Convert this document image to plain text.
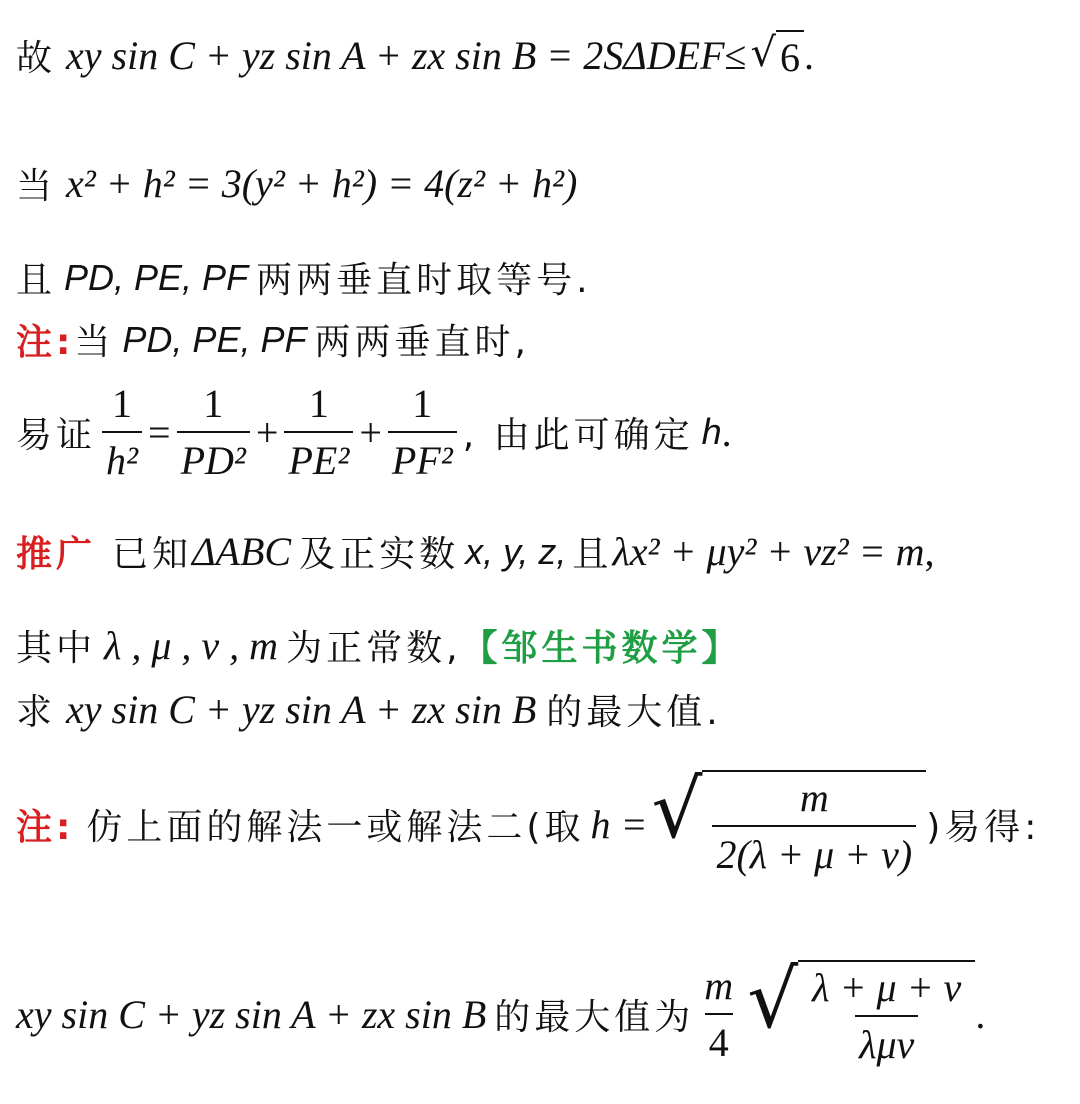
故 xy sin C + yz sin A + zx sin B = 2S ΔDEF ≤ √ 6 .
当 x² + h² = 3(y² + h²) = 4(z² + h²)
且 PD, PE, PF 两两垂直时取等号.
注: 当 PD, PE, PF 两两垂直时,
易证 $\frac{1}{\text{h²}} = \frac{1}{\text{PD²}} + \frac{1}{\text{PE²}} + \frac{1}{\text{PF²}}$ , 由此可确定 h .
推广 已知 ΔABC 及正实数 x, y, z, 且 λx² + μy² + νz² = m ,
其中 λ , μ , ν , m 为正常数, 【邹生书数学】
求 xy sin C + yz sin A + zx sin B 的最大值.
注: 仿上面的解法一或解法二(取 h = √ $\frac{m}{2(\lambda + \mu + \nu)}$ )易得:
xy sin C + yz sin A + zx sin B 的最大值为 $\frac{m}{4}$ √ $\frac{\lambda + \mu + \nu}{\text{λμν}}$ .
